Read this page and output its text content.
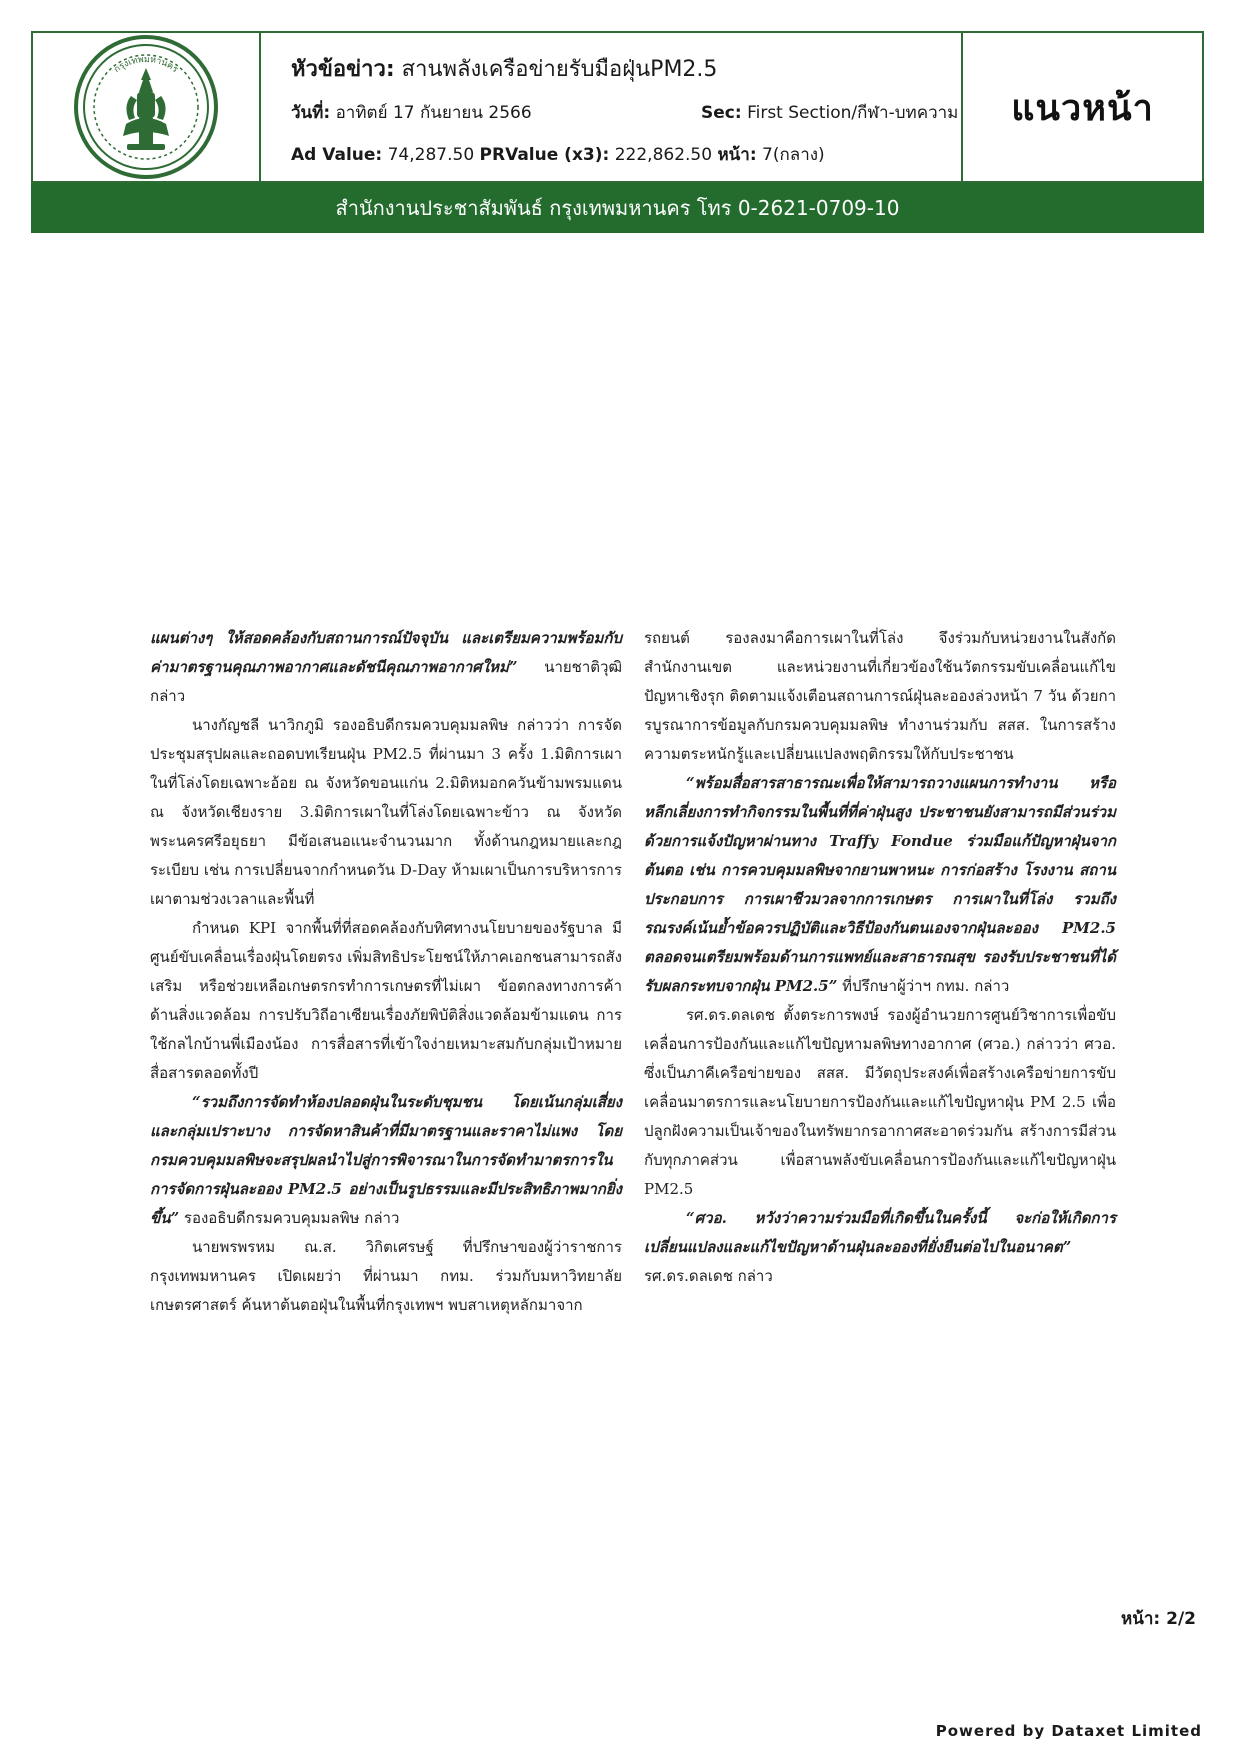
กรุงเทพมหานคร	หัวข้อข่าว: สานพลังเครือข่ายรับมือฝุ่นPM2.5
วันที่: อาทิตย์ 17 กันยายน 2566	Sec: First Section/กีฬา-บทความ
Ad Value: 74,287.50 PRValue (x3): 222,862.50 หน้า: 7(กลาง)
แนวหน้า
สำนักงานประชาสัมพันธ์ กรุงเทพมหานคร โทร 0-2621-0709-10

แผนต่างๆ ให้สอดคล้องกับสถานการณ์ปัจจุบัน และเตรียมความพร้อมกับค่ามาตรฐานคุณภาพอากาศและดัชนีคุณภาพอากาศใหม่” นายชาติวุฒิ กล่าว

นางกัญชลี นาวิกภูมิ รองอธิบดีกรมควบคุมมลพิษ กล่าวว่า การจัดประชุมสรุปผลและถอดบทเรียนฝุ่น PM2.5 ที่ผ่านมา 3 ครั้ง 1.มิติการเผาในที่โล่งโดยเฉพาะอ้อย ณ จังหวัดขอนแก่น 2.มิติหมอกควันข้ามพรมแดน ณ จังหวัดเชียงราย 3.มิติการเผาในที่โล่งโดยเฉพาะข้าว ณ จังหวัดพระนครศรีอยุธยา มีข้อเสนอแนะจำนวนมาก ทั้งด้านกฎหมายและกฎระเบียบ เช่น การเปลี่ยนจากกำหนดวัน D-Day ห้ามเผาเป็นการบริหารการเผาตามช่วงเวลาและพื้นที่

กำหนด KPI จากพื้นที่ที่สอดคล้องกับทิศทางนโยบายของรัฐบาล มีศูนย์ขับเคลื่อนเรื่องฝุ่นโดยตรง เพิ่มสิทธิประโยชน์ให้ภาคเอกชนสามารถสังเสริม หรือช่วยเหลือเกษตรกรทำการเกษตรที่ไม่เผา ข้อตกลงทางการค้าด้านสิ่งแวดล้อม การปรับวิถีอาเซียนเรื่องภัยพิบัติสิ่งแวดล้อมข้ามแดน การใช้กลไกบ้านพี่เมืองน้อง การสื่อสารที่เข้าใจง่ายเหมาะสมกับกลุ่มเป้าหมาย สื่อสารตลอดทั้งปี

“รวมถึงการจัดทำห้องปลอดฝุ่นในระดับชุมชน โดยเน้นกลุ่มเสี่ยงและกลุ่มเปราะบาง การจัดหาสินค้าที่มีมาตรฐานและราคาไม่แพง โดยกรมควบคุมมลพิษจะสรุปผลนำไปสู่การพิจารณาในการจัดทำมาตรการในการจัดการฝุ่นละออง PM2.5 อย่างเป็นรูปธรรมและมีประสิทธิภาพมากยิ่งขึ้น” รองอธิบดีกรมควบคุมมลพิษ กล่าว

นายพรพรหม ณ.ส. วิกิตเศรษฐ์ ที่ปรึกษาของผู้ว่าราชการกรุงเทพมหานคร เปิดเผยว่า ที่ผ่านมา กทม. ร่วมกับมหาวิทยาลัยเกษตรศาสตร์ ค้นหาต้นตอฝุ่นในพื้นที่กรุงเทพฯ พบสาเหตุหลักมาจาก

รถยนต์ รองลงมาคือการเผาในที่โล่ง จึงร่วมกับหน่วยงานในสังกัด สำนักงานเขต และหน่วยงานที่เกี่ยวข้องใช้นวัตกรรมขับเคลื่อนแก้ไขปัญหาเชิงรุก ติดตามแจ้งเตือนสถานการณ์ฝุ่นละอองล่วงหน้า 7 วัน ด้วยการบูรณาการข้อมูลกับกรมควบคุมมลพิษ ทำงานร่วมกับ สสส. ในการสร้างความตระหนักรู้และเปลี่ยนแปลงพฤติกรรมให้กับประชาชน

“พร้อมสื่อสารสาธารณะเพื่อให้สามารถวางแผนการทำงาน หรือหลีกเลี่ยงการทำกิจกรรมในพื้นที่ที่ค่าฝุ่นสูง ประชาชนยังสามารถมีส่วนร่วมด้วยการแจ้งปัญหาผ่านทาง Traffy Fondue ร่วมมือแก้ปัญหาฝุ่นจากต้นตอ เช่น การควบคุมมลพิษจากยานพาหนะ การก่อสร้าง โรงงาน สถานประกอบการ การเผาชีวมวลจากการเกษตร การเผาในที่โล่ง รวมถึงรณรงค์เน้นย้ำข้อควรปฏิบัติและวิธีป้องกันตนเองจากฝุ่นละออง PM2.5 ตลอดจนเตรียมพร้อมด้านการแพทย์และสาธารณสุข รองรับประชาชนที่ได้รับผลกระทบจากฝุ่น PM2.5” ที่ปรึกษาผู้ว่าฯ กทม. กล่าว

รศ.ดร.ดลเดช ตั้งตระการพงษ์ รองผู้อำนวยการศูนย์วิชาการเพื่อขับเคลื่อนการป้องกันและแก้ไขปัญหามลพิษทางอากาศ (ศวอ.) กล่าวว่า ศวอ. ซึ่งเป็นภาคีเครือข่ายของ สสส. มีวัตถุประสงค์เพื่อสร้างเครือข่ายการขับเคลื่อนมาตรการและนโยบายการป้องกันและแก้ไขปัญหาฝุ่น PM 2.5 เพื่อปลูกฝังความเป็นเจ้าของในทรัพยากรอากาศสะอาดร่วมกัน สร้างการมีส่วนกับทุกภาคส่วน เพื่อสานพลังขับเคลื่อนการป้องกันและแก้ไขปัญหาฝุ่น PM2.5

“ศวอ. หวังว่าความร่วมมือที่เกิดขึ้นในครั้งนี้ จะก่อให้เกิดการเปลี่ยนแปลงและแก้ไขปัญหาด้านฝุ่นละอองที่ยั่งยืนต่อไปในอนาคต” รศ.ดร.ดลเดช กล่าว

หน้า: 2/2
Powered by Dataxet Limited
